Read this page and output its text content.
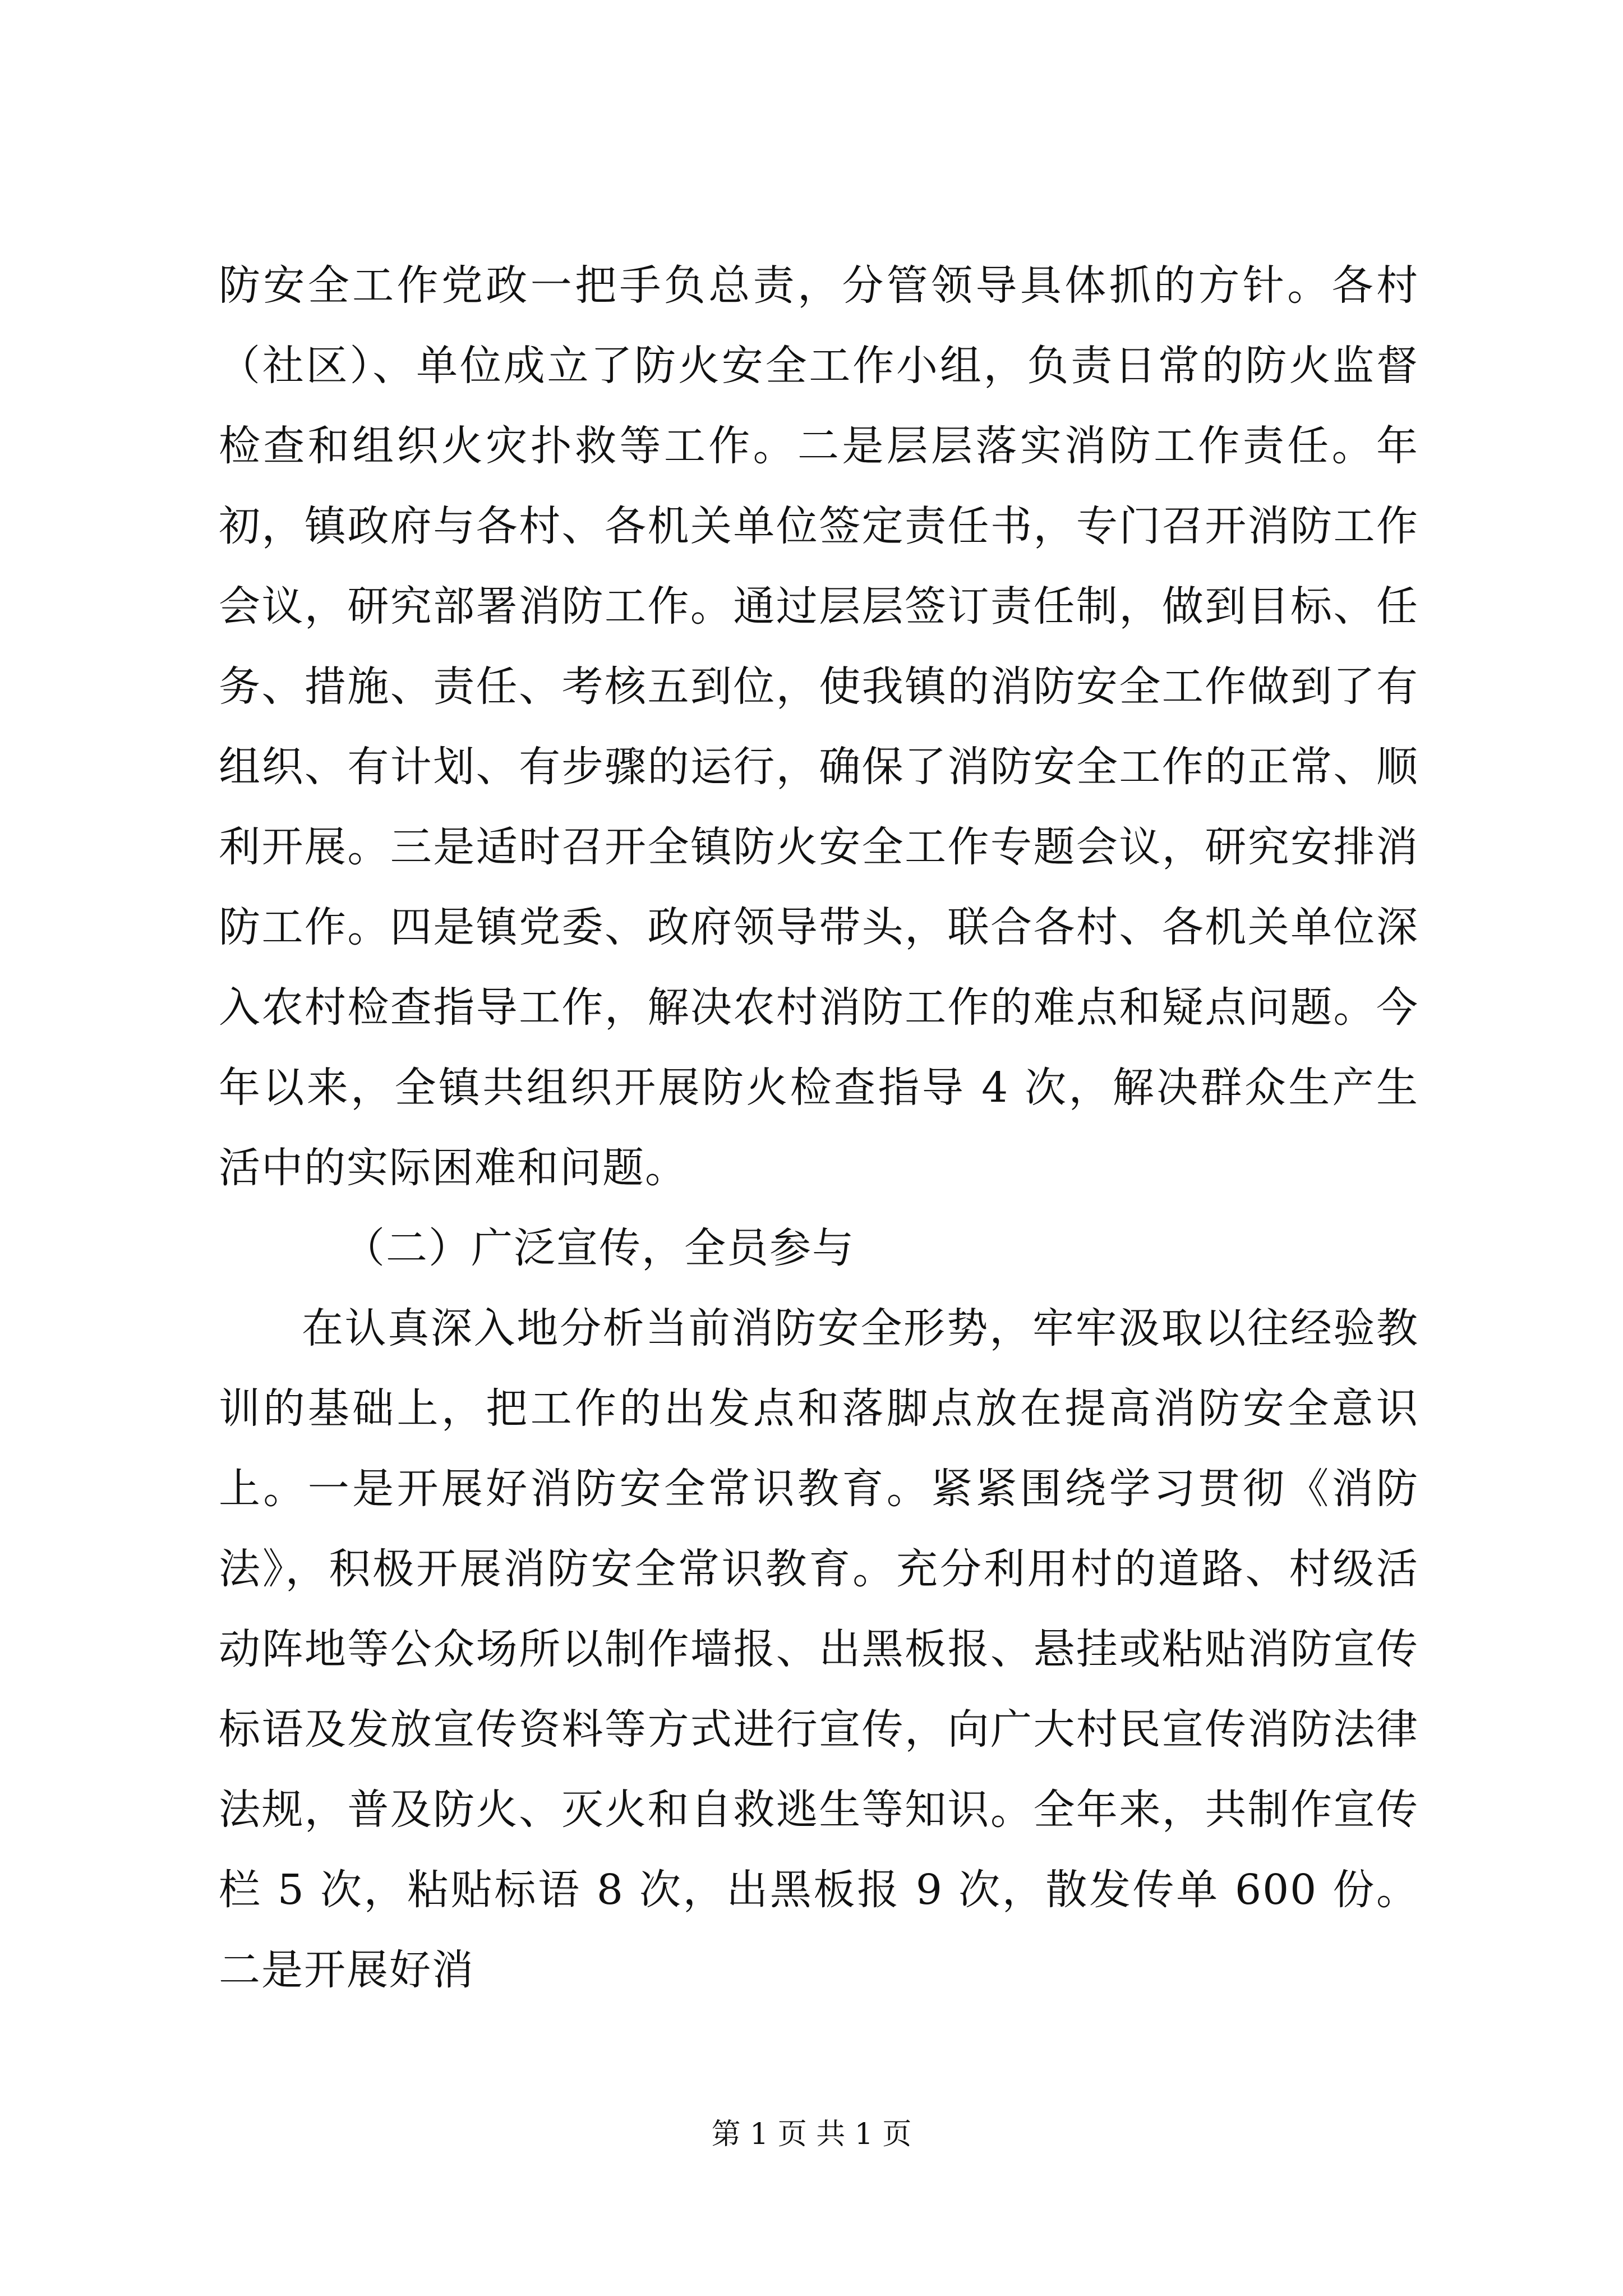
防安全工作党政一把手负总责，分管领导具体抓的方针。各村（社区）、单位成立了防火安全工作小组，负责日常的防火监督检查和组织火灾扑救等工作。二是层层落实消防工作责任。年初，镇政府与各村、各机关单位签定责任书，专门召开消防工作会议，研究部署消防工作。通过层层签订责任制，做到目标、任务、措施、责任、考核五到位，使我镇的消防安全工作做到了有组织、有计划、有步骤的运行，确保了消防安全工作的正常、顺利开展。三是适时召开全镇防火安全工作专题会议，研究安排消防工作。四是镇党委、政府领导带头，联合各村、各机关单位深入农村检查指导工作，解决农村消防工作的难点和疑点问题。今年以来，全镇共组织开展防火检查指导 4 次，解决群众生产生活中的实际困难和问题。

（二）广泛宣传，全员参与

在认真深入地分析当前消防安全形势，牢牢汲取以往经验教训的基础上，把工作的出发点和落脚点放在提高消防安全意识上。一是开展好消防安全常识教育。紧紧围绕学习贯彻《消防法》，积极开展消防安全常识教育。充分利用村的道路、村级活动阵地等公众场所以制作墙报、出黑板报、悬挂或粘贴消防宣传标语及发放宣传资料等方式进行宣传，向广大村民宣传消防法律法规，普及防火、灭火和自救逃生等知识。全年来，共制作宣传栏 5 次，粘贴标语 8 次，出黑板报 9 次，散发传单 600 份。二是开展好消

第 1 页 共 1 页
